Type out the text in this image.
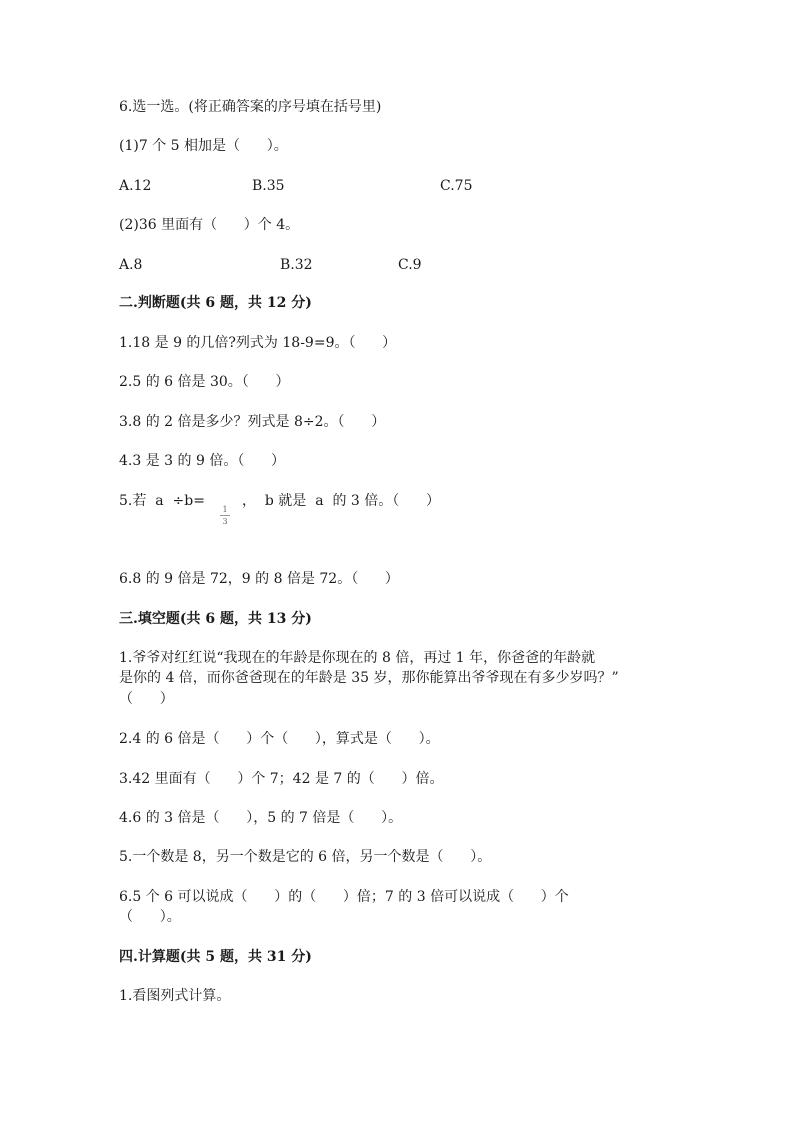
6.选一选。(将正确答案的序号填在括号里)
(1)7 个 5 相加是（      ）。
A.12	B.35	C.75
(2)36 里面有（      ）个 4。
A.8	B.32	C.9
二.判断题(共 6 题，共 12 分)
1.18 是 9 的几倍?列式为 18-9=9。（      ）
2.5 的 6 倍是 30。（      ）
3.8 的 2 倍是多少？列式是 8÷2。（      ）
4.3 是 3 的 9 倍。（      ）
5.若  a  ÷b=
1
3
，  b 就是  a  的 3 倍。（      ）
6.8 的 9 倍是 72，9 的 8 倍是 72。（      ）
三.填空题(共 6 题，共 13 分)
1.爷爷对红红说“我现在的年龄是你现在的 8 倍，再过 1 年，你爸爸的年龄就
是你的 4 倍，而你爸爸现在的年龄是 35 岁，那你能算出爷爷现在有多少岁吗？”
（      ）
2.4 的 6 倍是（      ）个（      ），算式是（      ）。
3.42 里面有（      ）个 7；42 是 7 的（      ）倍。
4.6 的 3 倍是（      ），5 的 7 倍是（      ）。
5.一个数是 8，另一个数是它的 6 倍，另一个数是（      ）。
6.5 个 6 可以说成（      ）的（      ）倍；7 的 3 倍可以说成（      ）个
（      ）。
四.计算题(共 5 题，共 31 分)
1.看图列式计算。
